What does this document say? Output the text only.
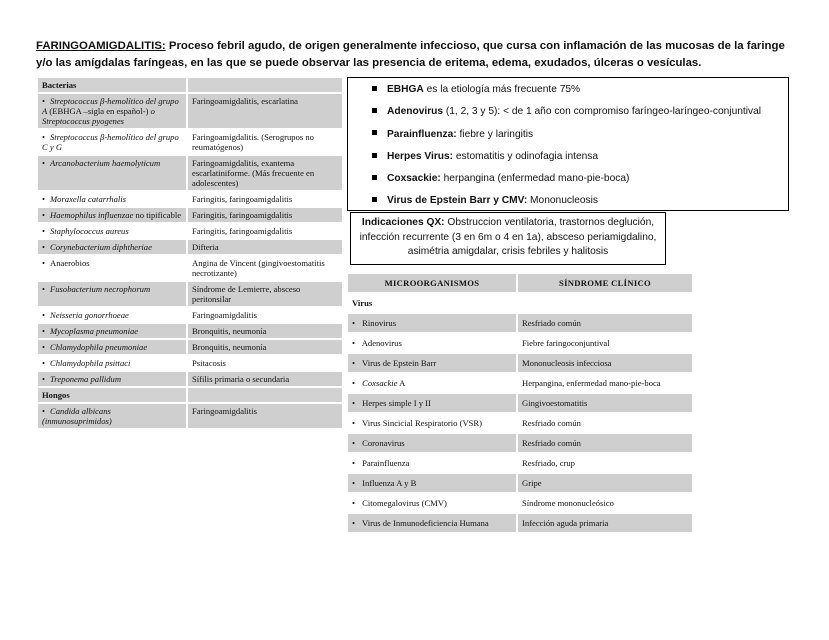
FARINGOAMIGDALITIS: Proceso febril agudo, de origen generalmente infeccioso, que cursa con inflamación de las mucosas de la faringe y/o las amígdalas faríngeas, en las que se puede observar las presencia de eritema, edema, exudados, úlceras o vesículas.
Bacterias	
• Streptococcus β-hemolítico del grupo A (EBHGA –sigla en español-) o Streptococcus pyogenes	Faringoamigdalitis, escarlatina
• Streptococcus β-hemolítico del grupo C y G	Faringoamigdalitis. (Serogrupos no reumatógenos)
• Arcanobacterium haemolyticum	Faringoamigdalitis, exantema escarlatiniforme. (Más frecuente en adolescentes)
• Moraxella catarrhalis	Faringitis, faringoamigdalitis
• Haemophilus influenzae no tipificable	Faringitis, faringoamigdalitis
• Staphylococcus aureus	Faringitis, faringoamigdalitis
• Corynebacterium diphtheriae	Difteria
• Anaerobios	Angina de Vincent (gingivoestomatitis necrotizante)
• Fusobacterium necrophorum	Síndrome de Lemierre, absceso peritonsilar
• Neisseria gonorrhoeae	Faringoamigdalitis
• Mycoplasma pneumoniae	Bronquitis, neumonía
• Chlamydophila pneumoniae	Bronquitis, neumonía
• Chlamydophila psittaci	Psitacosis
• Treponema pallidum	Sífilis primaria o secundaria
Hongos	
• Candida albicans (inmunosuprimidos)	Faringoamigdalitis
EBHGA es la etiología más frecuente 75%
Adenovirus (1, 2, 3 y 5): < de 1 año con compromiso faríngeo-laríngeo-conjuntival
Parainfluenza: fiebre y laringitis
Herpes Virus: estomatitis y odinofagia intensa
Coxsackie: herpangina (enfermedad mano-pie-boca)
Virus de Epstein Barr y CMV: Mononucleosis
Indicaciones QX: Obstruccion ventilatoria, trastornos deglución, infección recurrente (3 en 6m o 4 en 1a), absceso periamigdalino, asimétria amigdalar, crisis febriles y halitosis
MICROORGANISMOS	SÍNDROME CLÍNICO
Virus	
• Rinovirus	Resfriado común
• Adenovirus	Fiebre faringoconjuntival
• Virus de Epstein Barr	Mononucleosis infecciosa
• Coxsackie A	Herpangina, enfermedad mano-pie-boca
• Herpes simple I y II	Gingivoestomatitis
• Virus Sincicial Respiratorio (VSR)	Resfriado común
• Coronavirus	Resfriado común
• Parainfluenza	Resfriado, crup
• Influenza A y B	Gripe
• Citomegalovirus (CMV)	Síndrome mononucleósico
• Virus de Inmunodeficiencia Humana	Infección aguda primaria
